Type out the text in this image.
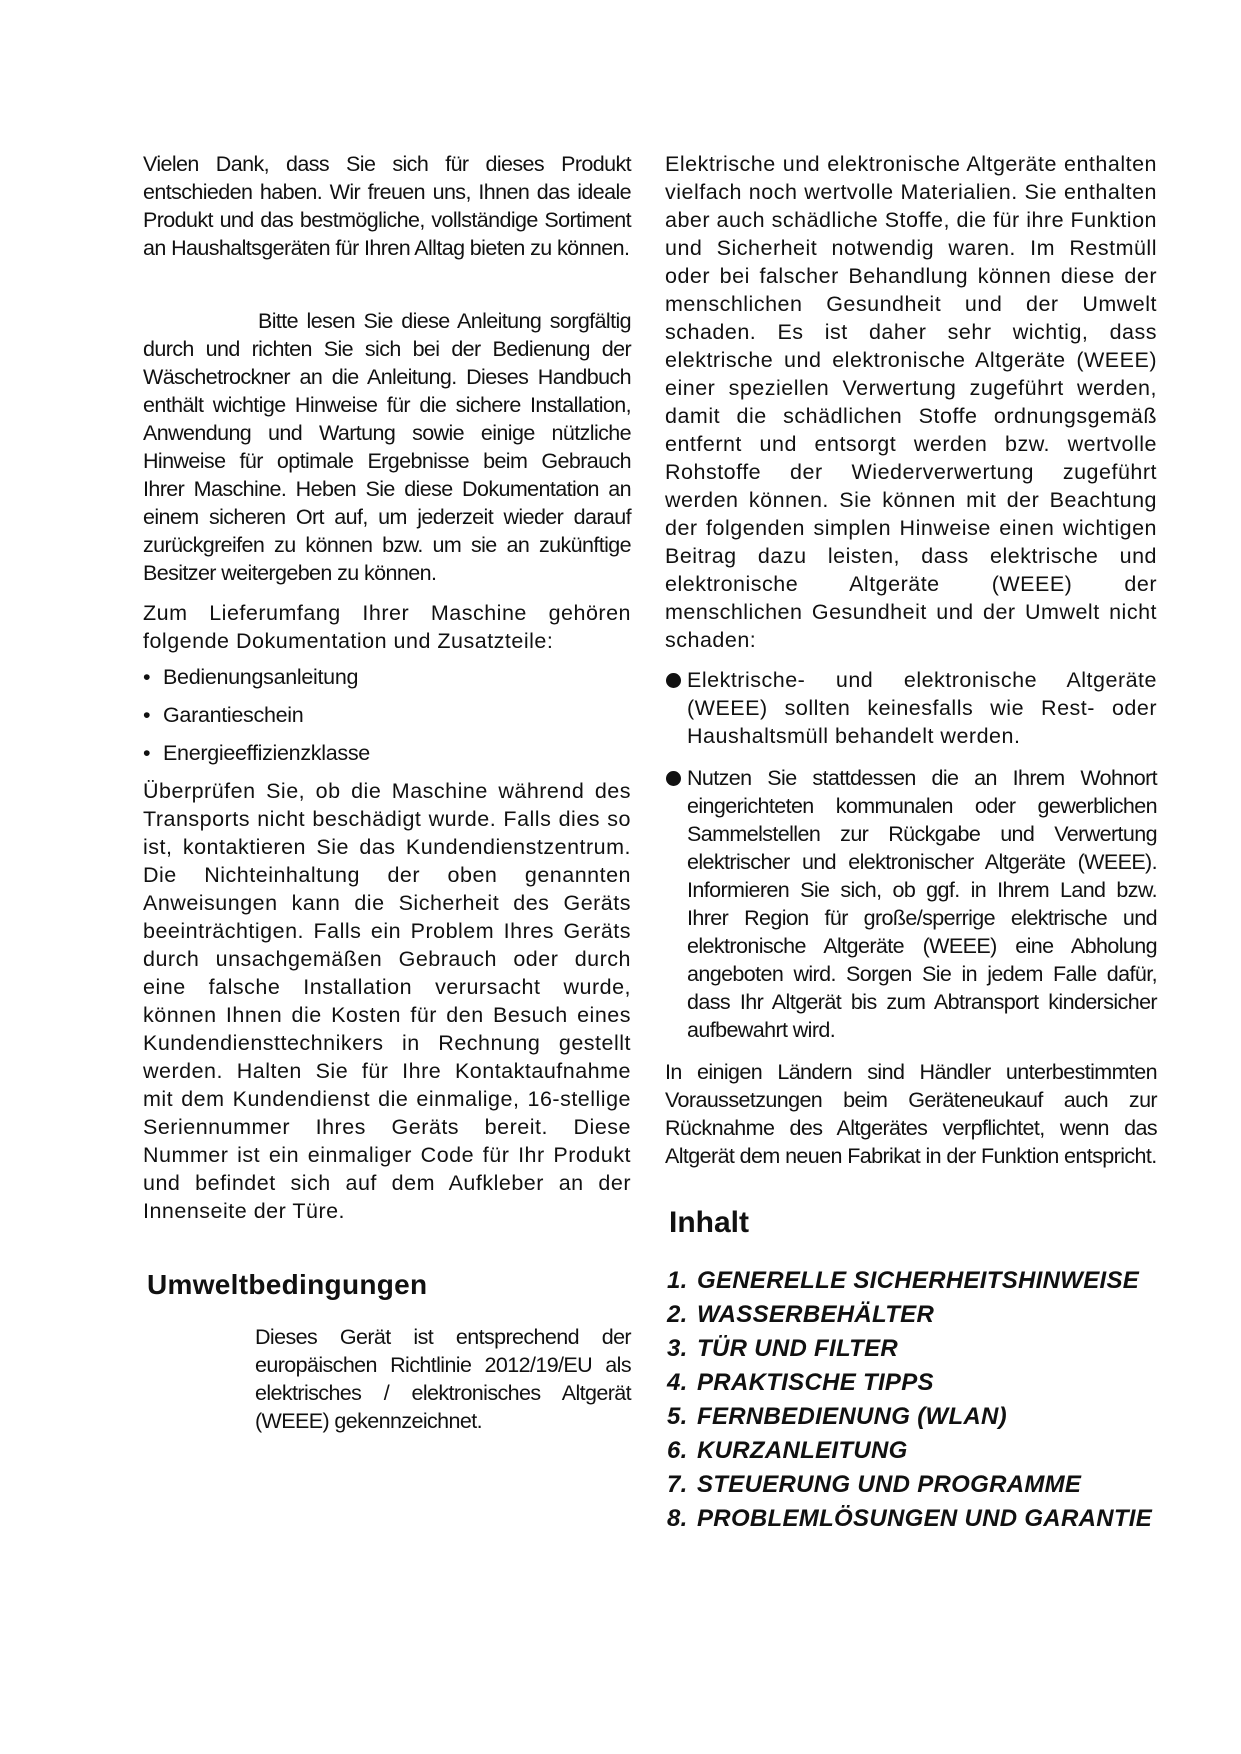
Vielen Dank, dass Sie sich für dieses Produkt entschieden haben. Wir freuen uns, Ihnen das ideale Produkt und das bestmögliche, vollständige Sortiment an Haushaltsgeräten für Ihren Alltag bieten zu können.

Bitte lesen Sie diese Anleitung sorgfältig durch und richten Sie sich bei der Bedienung der Wäschetrockner an die Anleitung. Dieses Handbuch enthält wichtige Hinweise für die sichere Installation, Anwendung und Wartung sowie einige nützliche Hinweise für optimale Ergebnisse beim Gebrauch Ihrer Maschine. Heben Sie diese Dokumentation an einem sicheren Ort auf, um jederzeit wieder darauf zurückgreifen zu können bzw. um sie an zukünftige Besitzer weitergeben zu können.

Zum Lieferumfang Ihrer Maschine gehören folgende Dokumentation und Zusatzteile:

• Bedienungsanleitung
• Garantieschein
• Energieeffizienzklasse

Überprüfen Sie, ob die Maschine während des Transports nicht beschädigt wurde. Falls dies so ist, kontaktieren Sie das Kundendienstzentrum. Die Nichteinhaltung der oben genannten Anweisungen kann die Sicherheit des Geräts beeinträchtigen. Falls ein Problem Ihres Geräts durch unsachgemäßen Gebrauch oder durch eine falsche Installation verursacht wurde, können Ihnen die Kosten für den Besuch eines Kundendiensttechnikers in Rechnung gestellt werden. Halten Sie für Ihre Kontaktaufnahme mit dem Kundendienst die einmalige, 16-stellige Seriennummer Ihres Geräts bereit. Diese Nummer ist ein einmaliger Code für Ihr Produkt und befindet sich auf dem Aufkleber an der Innenseite der Türe.

Umweltbedingungen

Dieses Gerät ist entsprechend der europäischen Richtlinie 2012/19/EU als elektrisches / elektronisches Altgerät (WEEE) gekennzeichnet.

Elektrische und elektronische Altgeräte enthalten vielfach noch wertvolle Materialien. Sie enthalten aber auch schädliche Stoffe, die für ihre Funktion und Sicherheit notwendig waren. Im Restmüll oder bei falscher Behandlung können diese der menschlichen Gesundheit und der Umwelt schaden. Es ist daher sehr wichtig, dass elektrische und elektronische Altgeräte (WEEE) einer speziellen Verwertung zugeführt werden, damit die schädlichen Stoffe ordnungsgemäß entfernt und entsorgt werden bzw. wertvolle Rohstoffe der Wiederverwertung zugeführt werden können. Sie können mit der Beachtung der folgenden simplen Hinweise einen wichtigen Beitrag dazu leisten, dass elektrische und elektronische Altgeräte (WEEE) der menschlichen Gesundheit und der Umwelt nicht schaden:

Elektrische- und elektronische Altgeräte (WEEE) sollten keinesfalls wie Rest- oder Haushaltsmüll behandelt werden.
Nutzen Sie stattdessen die an Ihrem Wohnort eingerichteten kommunalen oder gewerblichen Sammelstellen zur Rückgabe und Verwertung elektrischer und elektronischer Altgeräte (WEEE). Informieren Sie sich, ob ggf. in Ihrem Land bzw. Ihrer Region für große/sperrige elektrische und elektronische Altgeräte (WEEE) eine Abholung angeboten wird. Sorgen Sie in jedem Falle dafür, dass Ihr Altgerät bis zum Abtransport kindersicher aufbewahrt wird.

In einigen Ländern sind Händler unterbestimmten Voraussetzungen beim Geräteneukauf auch zur Rücknahme des Altgerätes verpflichtet, wenn das Altgerät dem neuen Fabrikat in der Funktion entspricht.

Inhalt
1. GENERELLE SICHERHEITSHINWEISE
2. WASSERBEHÄLTER
3. TÜR UND FILTER
4. PRAKTISCHE TIPPS
5. FERNBEDIENUNG (WLAN)
6. KURZANLEITUNG
7. STEUERUNG UND PROGRAMME
8. PROBLEMLÖSUNGEN UND GARANTIE
